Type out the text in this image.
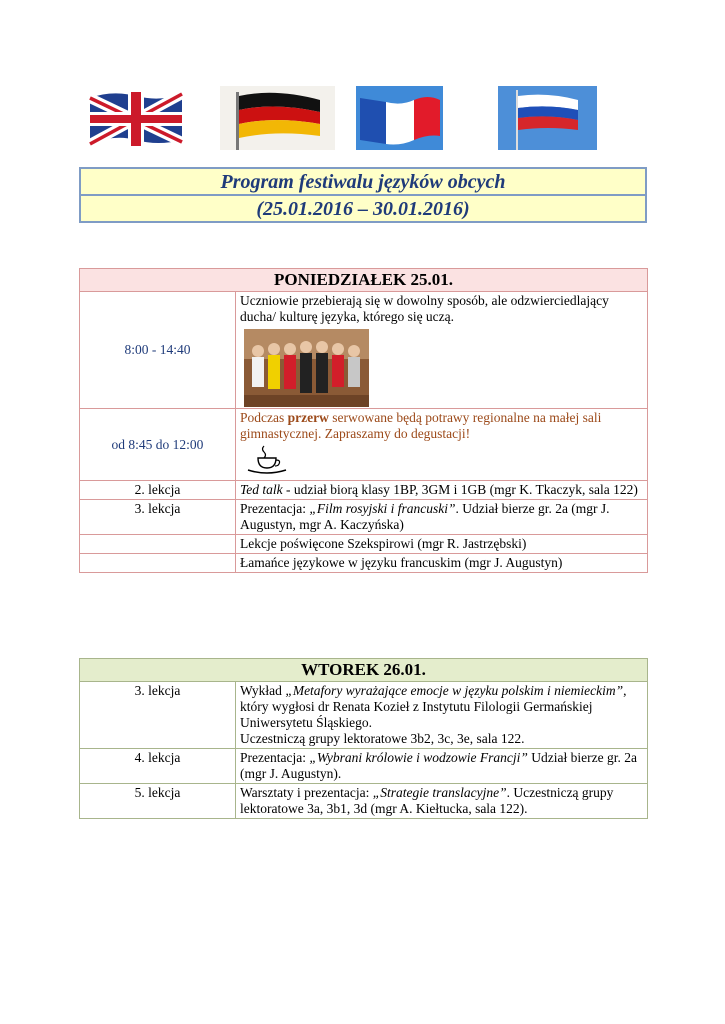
Program festiwalu języków obcych
(25.01.2016 – 30.01.2016)
PONIEDZIAŁEK 25.01.	
8:00 - 14:40	Uczniowie przebierają się w dowolny sposób, ale odzwierciedlający ducha/ kulturę języka, którego się uczą.

od 8:45 do 12:00	Podczas przerw serwowane będą potrawy regionalne na małej sali gimnastycznej. Zapraszamy do degustacji!

2. lekcja	Ted talk - udział biorą klasy 1BP, 3GM i 1GB (mgr K. Tkaczyk, sala 122)
3. lekcja	Prezentacja: „Film rosyjski i francuski”. Udział bierze gr. 2a (mgr J. Augustyn, mgr A. Kaczyńska)
	Lekcje poświęcone Szekspirowi (mgr R. Jastrzębski)
	Łamańce językowe w języku francuskim (mgr J. Augustyn)
WTOREK 26.01.	
3. lekcja	Wykład „Metafory wyrażające emocje w języku polskim i niemieckim”, który wygłosi dr Renata Kozieł z Instytutu Filologii Germańskiej Uniwersytetu Śląskiego.
Uczestniczą grupy lektoratowe 3b2, 3c, 3e, sala 122.

4. lekcja	Prezentacja: „Wybrani królowie i wodzowie Francji” Udział bierze gr. 2a (mgr J. Augustyn).
5. lekcja	Warsztaty i prezentacja: „Strategie translacyjne”. Uczestniczą grupy lektoratowe 3a, 3b1, 3d (mgr A. Kiełtucka, sala 122).
